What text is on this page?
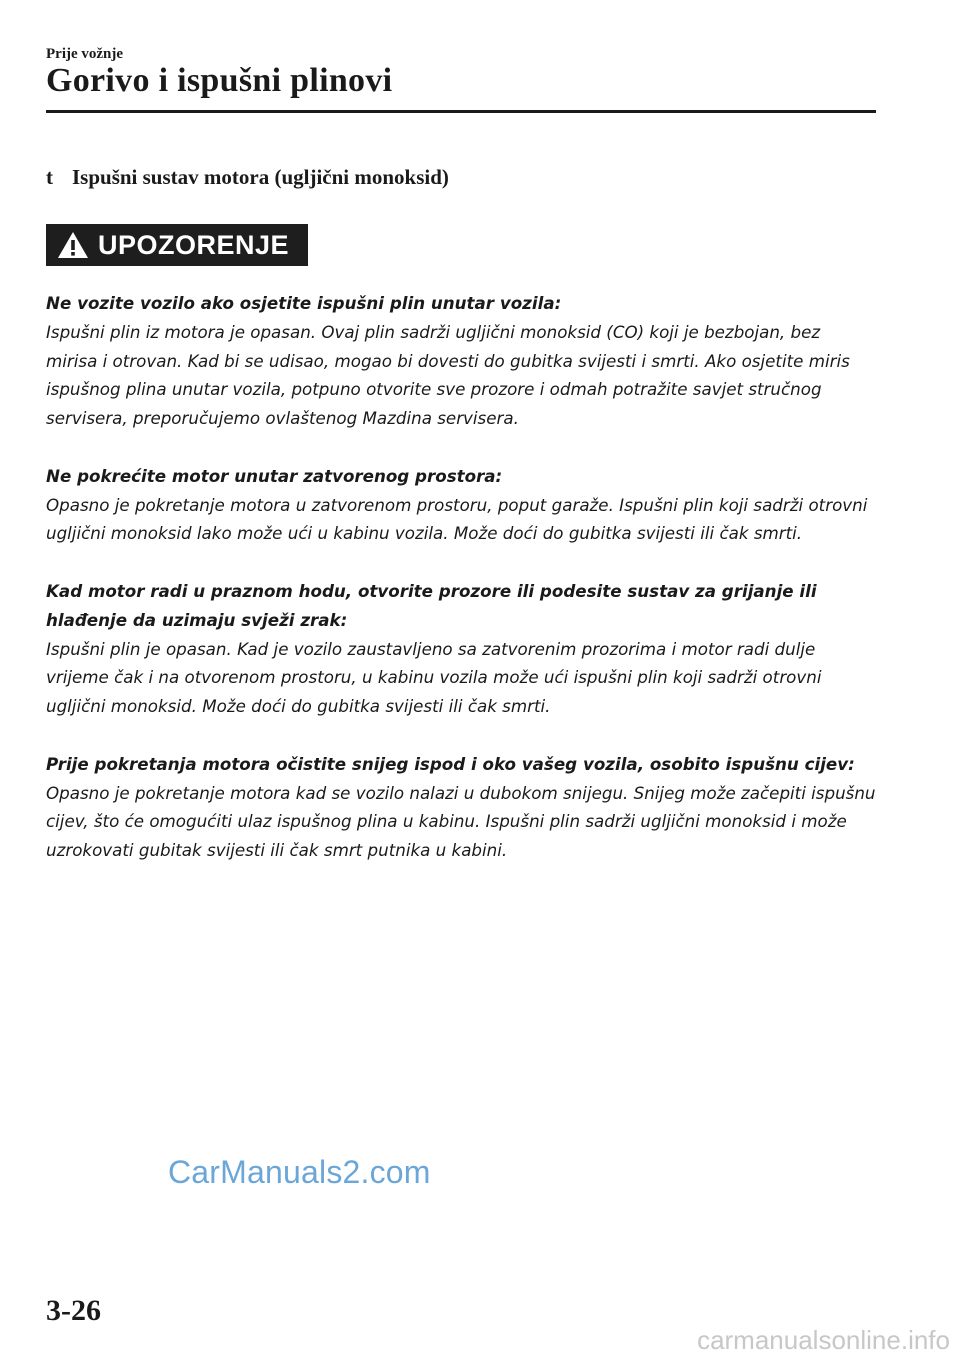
Prije vožnje
Gorivo i ispušni plinovi
t Ispušni sustav motora (ugljični monoksid)
UPOZORENJE

Ne vozite vozilo ako osjetite ispušni plin unutar vozila:
Ispušni plin iz motora je opasan. Ovaj plin sadrži ugljični monoksid (CO) koji je bezbojan, bez mirisa i otrovan. Kad bi se udisao, mogao bi dovesti do gubitka svijesti i smrti. Ako osjetite miris ispušnog plina unutar vozila, potpuno otvorite sve prozore i odmah potražite savjet stručnog servisera, preporučujemo ovlaštenog Mazdina servisera.

Ne pokrećite motor unutar zatvorenog prostora:
Opasno je pokretanje motora u zatvorenom prostoru, poput garaže. Ispušni plin koji sadrži otrovni ugljični monoksid lako može ući u kabinu vozila. Može doći do gubitka svijesti ili čak smrti.

Kad motor radi u praznom hodu, otvorite prozore ili podesite sustav za grijanje ili hlađenje da uzimaju svježi zrak:
Ispušni plin je opasan. Kad je vozilo zaustavljeno sa zatvorenim prozorima i motor radi dulje vrijeme čak i na otvorenom prostoru, u kabinu vozila može ući ispušni plin koji sadrži otrovni ugljični monoksid. Može doći do gubitka svijesti ili čak smrti.

Prije pokretanja motora očistite snijeg ispod i oko vašeg vozila, osobito ispušnu cijev:
Opasno je pokretanje motora kad se vozilo nalazi u dubokom snijegu. Snijeg može začepiti ispušnu cijev, što će omogućiti ulaz ispušnog plina u kabinu. Ispušni plin sadrži ugljični monoksid i može uzrokovati gubitak svijesti ili čak smrt putnika u kabini.

CarManuals2.com
3-26
carmanualsonline.info
